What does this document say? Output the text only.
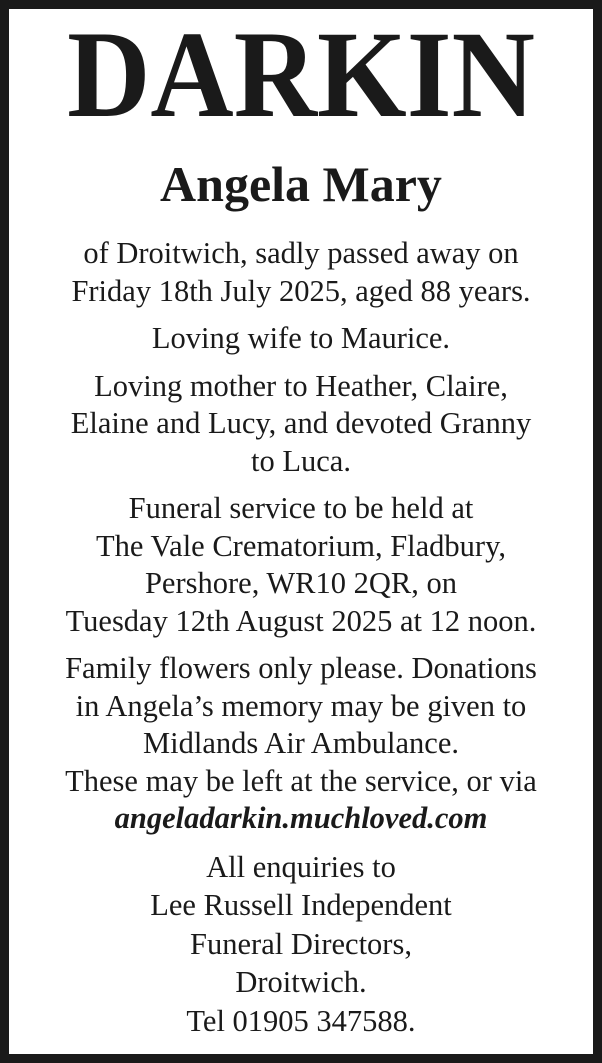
DARKIN
Angela Mary
of Droitwich, sadly passed away on
Friday 18th July 2025, aged 88 years.
Loving wife to Maurice.
Loving mother to Heather, Claire,
Elaine and Lucy, and devoted Granny
to Luca.
Funeral service to be held at
The Vale Crematorium, Fladbury,
Pershore, WR10 2QR, on
Tuesday 12th August 2025 at 12 noon.
Family flowers only please. Donations
in Angela’s memory may be given to
Midlands Air Ambulance.
These may be left at the service, or via
angeladarkin.muchloved.com
All enquiries to
Lee Russell Independent
Funeral Directors,
Droitwich.
Tel 01905 347588.
